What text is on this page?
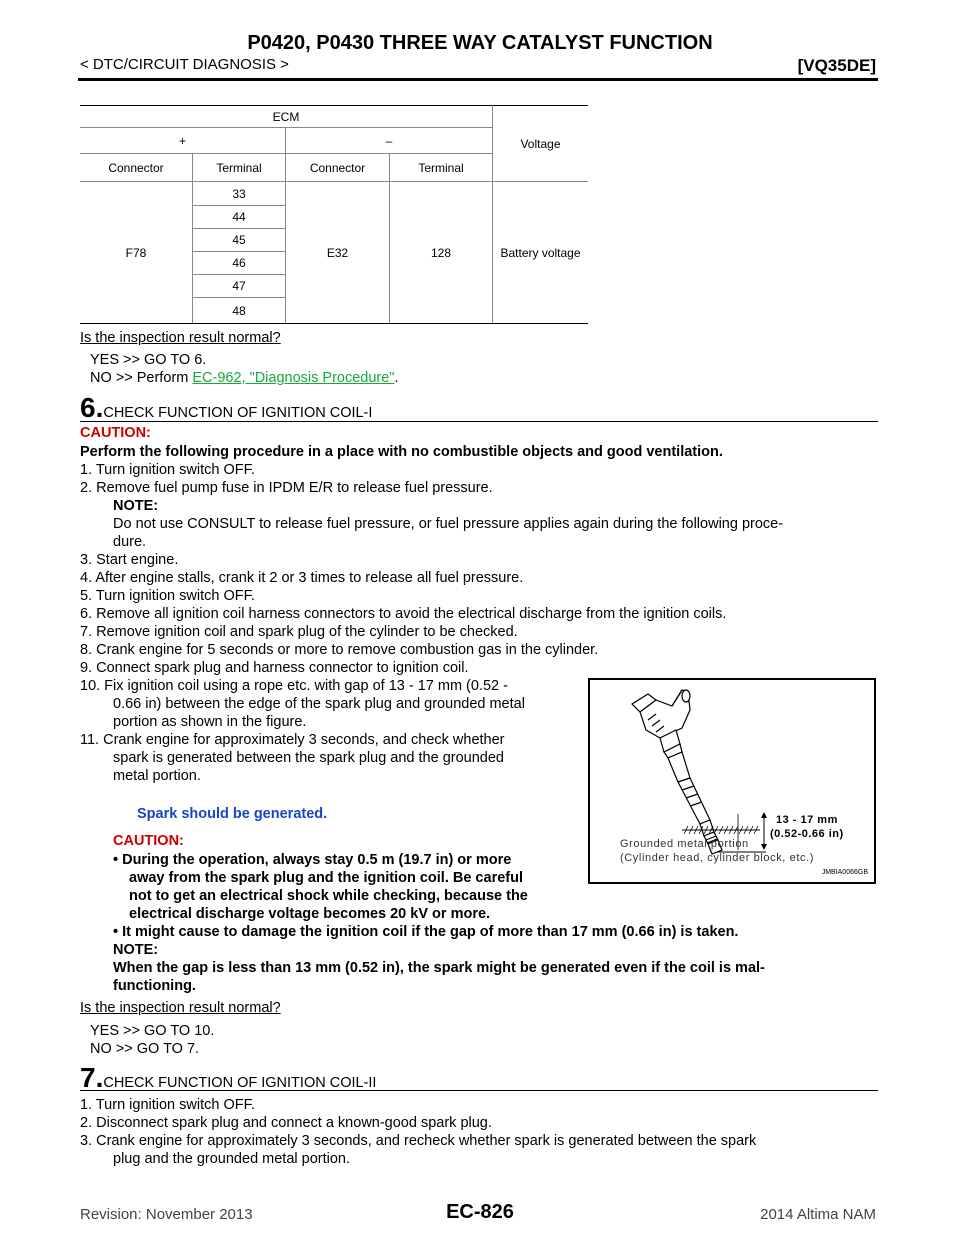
P0420, P0430 THREE WAY CATALYST FUNCTION
< DTC/CIRCUIT DIAGNOSIS >	[VQ35DE]
ECM				Voltage
+		–		
Connector	Terminal	Connector	Terminal	
F78	33	E32	128	Battery voltage
	44			
	45			
	46			
	47			
	48			
Is the inspection result normal?
YES >> GO TO 6.
NO >> Perform EC-962, "Diagnosis Procedure".
6.CHECK FUNCTION OF IGNITION COIL-I
CAUTION:
Perform the following procedure in a place with no combustible objects and good ventilation.
1. Turn ignition switch OFF.
2. Remove fuel pump fuse in IPDM E/R to release fuel pressure.
NOTE:
Do not use CONSULT to release fuel pressure, or fuel pressure applies again during the following proce-
dure.
3. Start engine.
4. After engine stalls, crank it 2 or 3 times to release all fuel pressure.
5. Turn ignition switch OFF.
6. Remove all ignition coil harness connectors to avoid the electrical discharge from the ignition coils.
7. Remove ignition coil and spark plug of the cylinder to be checked.
8. Crank engine for 5 seconds or more to remove combustion gas in the cylinder.
9. Connect spark plug and harness connector to ignition coil.
10. Fix ignition coil using a rope etc. with gap of 13 - 17 mm (0.52 -
0.66 in) between the edge of the spark plug and grounded metal
portion as shown in the figure.
11. Crank engine for approximately 3 seconds, and check whether
spark is generated between the spark plug and the grounded
metal portion.
Spark should be generated.
CAUTION:
• During the operation, always stay 0.5 m (19.7 in) or more
away from the spark plug and the ignition coil. Be careful
not to get an electrical shock while checking, because the
electrical discharge voltage becomes 20 kV or more.
• It might cause to damage the ignition coil if the gap of more than 17 mm (0.66 in) is taken.
NOTE:
When the gap is less than 13 mm (0.52 in), the spark might be generated even if the coil is mal-
functioning.
13 - 17 mm
(0.52-0.66 in)
Grounded metal portion
(Cylinder head, cylinder block, etc.)
JMBIA0066GB
Is the inspection result normal?
YES >> GO TO 10.
NO >> GO TO 7.
7.CHECK FUNCTION OF IGNITION COIL-II
1. Turn ignition switch OFF.
2. Disconnect spark plug and connect a known-good spark plug.
3. Crank engine for approximately 3 seconds, and recheck whether spark is generated between the spark
plug and the grounded metal portion.
Revision: November 2013	EC-826	2014 Altima NAM
